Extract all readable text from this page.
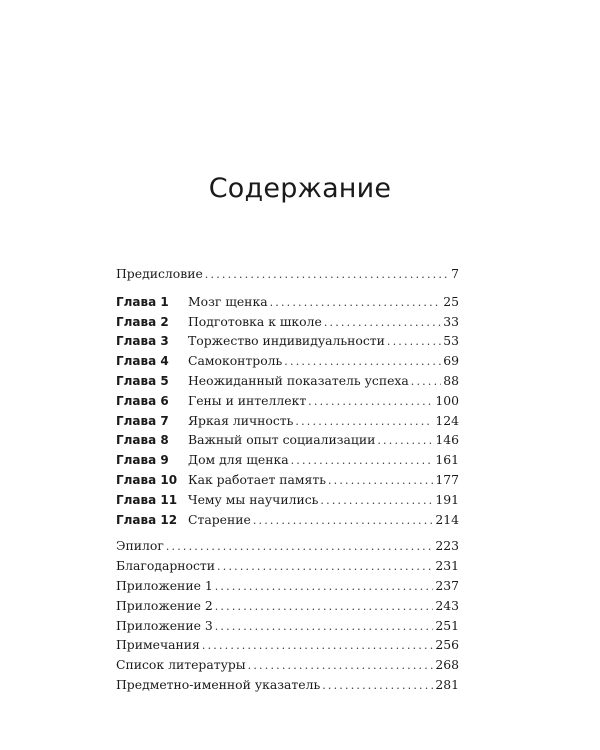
Содержание
Предисловие .....	7
Глава 1	Мозг щенка .....	25
Глава 2	Подготовка к школе .....	33
Глава 3	Торжество индивидуальности .....	53
Глава 4	Самоконтроль .....	69
Глава 5	Неожиданный показатель успеха .....	88
Глава 6	Гены и интеллект .....	100
Глава 7	Яркая личность .....	124
Глава 8	Важный опыт социализации .....	146
Глава 9	Дом для щенка .....	161
Глава 10 Как работает память .....	177
Глава 11 Чему мы научились .....	191
Глава 12 Старение .....	214
Эпилог .....	223
Благодарности .....	231
Приложение 1 .....	237
Приложение 2 .....	243
Приложение 3 .....	251
Примечания .....	256
Список литературы .....	268
Предметно-именной указатель .....	281
